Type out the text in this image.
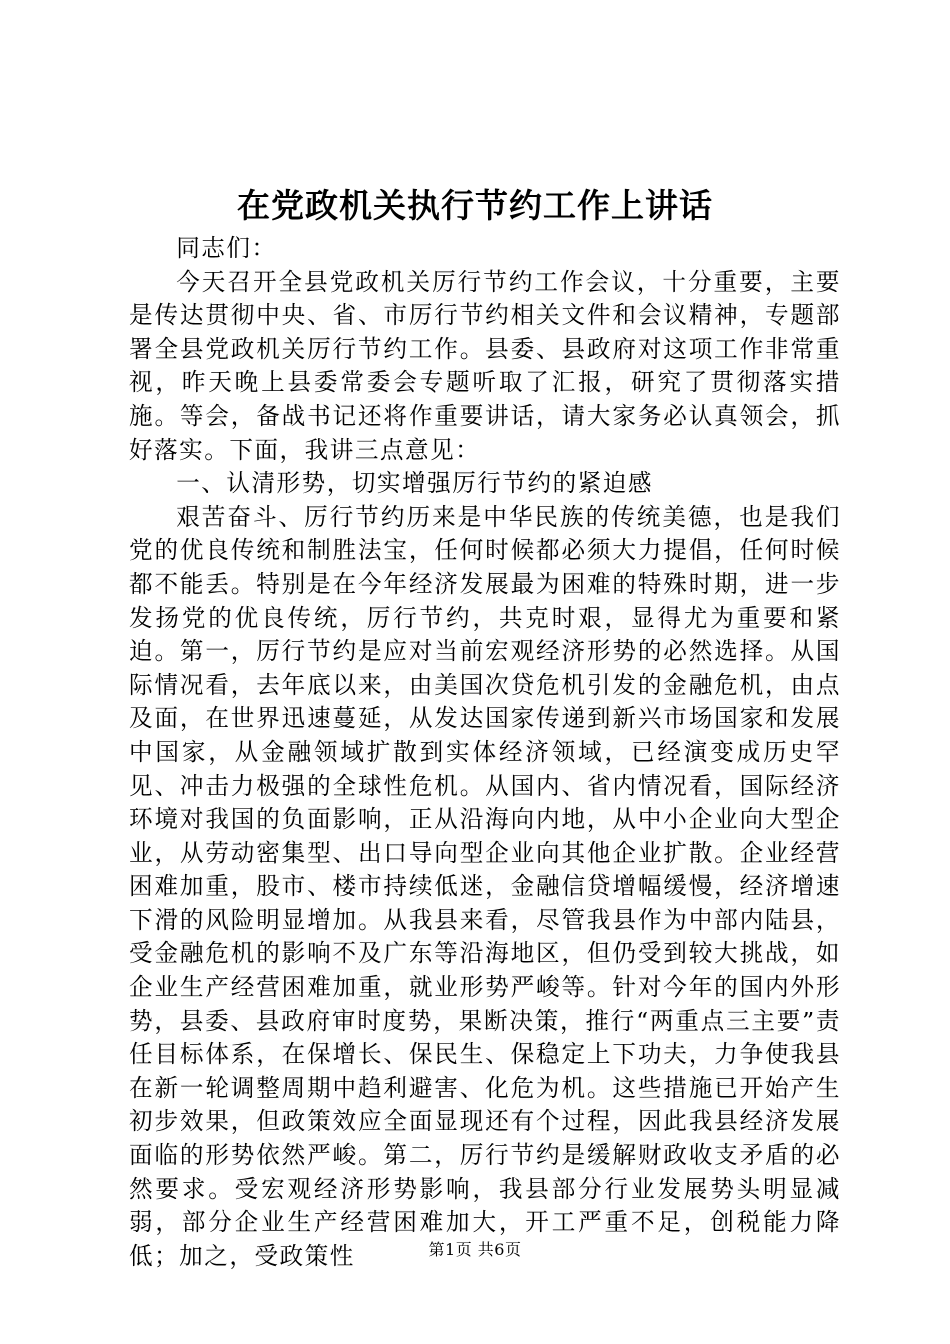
在党政机关执行节约工作上讲话

同志们：

今天召开全县党政机关厉行节约工作会议，十分重要，主要是传达贯彻中央、省、市厉行节约相关文件和会议精神，专题部署全县党政机关厉行节约工作。县委、县政府对这项工作非常重视，昨天晚上县委常委会专题听取了汇报，研究了贯彻落实措施。等会，备战书记还将作重要讲话，请大家务必认真领会，抓好落实。下面，我讲三点意见：

一、认清形势，切实增强厉行节约的紧迫感

艰苦奋斗、厉行节约历来是中华民族的传统美德，也是我们党的优良传统和制胜法宝，任何时候都必须大力提倡，任何时候都不能丢。特别是在今年经济发展最为困难的特殊时期，进一步发扬党的优良传统，厉行节约，共克时艰，显得尤为重要和紧迫。第一，厉行节约是应对当前宏观经济形势的必然选择。从国际情况看，去年底以来，由美国次贷危机引发的金融危机，由点及面，在世界迅速蔓延，从发达国家传递到新兴市场国家和发展中国家，从金融领域扩散到实体经济领域，已经演变成历史罕见、冲击力极强的全球性危机。从国内、省内情况看，国际经济环境对我国的负面影响，正从沿海向内地，从中小企业向大型企业，从劳动密集型、出口导向型企业向其他企业扩散。企业经营困难加重，股市、楼市持续低迷，金融信贷增幅缓慢，经济增速下滑的风险明显增加。从我县来看，尽管我县作为中部内陆县，受金融危机的影响不及广东等沿海地区，但仍受到较大挑战，如企业生产经营困难加重，就业形势严峻等。针对今年的国内外形势，县委、县政府审时度势，果断决策，推行“两重点三主要”责任目标体系，在保增长、保民生、保稳定上下功夫，力争使我县在新一轮调整周期中趋利避害、化危为机。这些措施已开始产生初步效果，但政策效应全面显现还有个过程，因此我县经济发展面临的形势依然严峻。第二，厉行节约是缓解财政收支矛盾的必然要求。受宏观经济形势影响，我县部分行业发展势头明显减弱，部分企业生产经营困难加大，开工严重不足，创税能力降低；加之，受政策性	第1页 共6页
